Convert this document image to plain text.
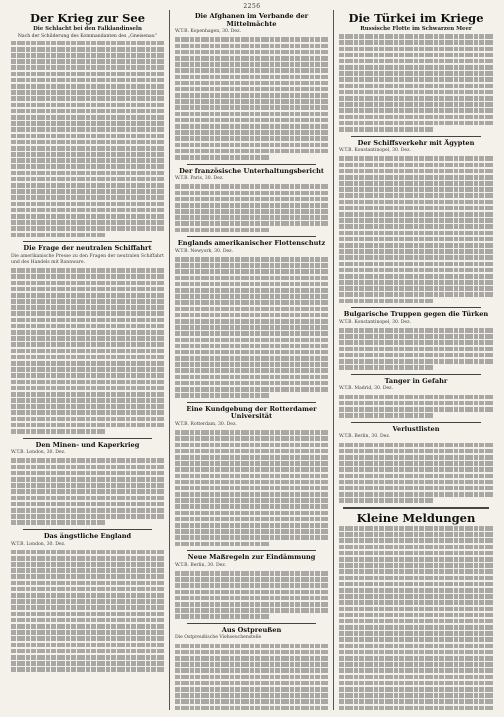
2256
Der Krieg zur See
Die Schlacht bei den Falklandinseln
Nach der Schilderung des Kommandanten des „Gneisenau“
Die Frage der neutralen Schiffahrt
Die amerikanische Presse zu den Fragen der neutralen Schiffahrt und des Handels mit Bannware.
Den Minen- und Kaperkrieg
W.T.B. London, 30. Dez.
Das ängstliche England
W.T.B. London, 30. Dez.
Die Afghanen im Verbande der Mittelmächte
W.T.B. Kopenhagen, 30. Dez.
Der französische Unterhaltungsbericht
W.T.B. Paris, 30. Dez.
Englands amerikanischer Flottenschutz
W.T.B. Newyork, 30. Dez.
Eine Kundgebung der Rotterdamer Universität
W.T.B. Rotterdam, 30. Dez.
Neue Maßregeln zur Eindämmung
W.T.B. Berlin, 30. Dez.
Aus Ostpreußen
Die Ostpreußische Viehseuchenstelle
Die Türkei im Kriege
Russische Flotte im Schwarzen Meer
Der Schiffsverkehr mit Ägypten
W.T.B. Konstantinopel, 30. Dez.
Bulgarische Truppen gegen die Türken
W.T.B. Konstantinopel, 30. Dez.
Tanger in Gefahr
W.T.B. Madrid, 30. Dez.
Verlustlisten
W.T.B. Berlin, 30. Dez.
Kleine Meldungen
